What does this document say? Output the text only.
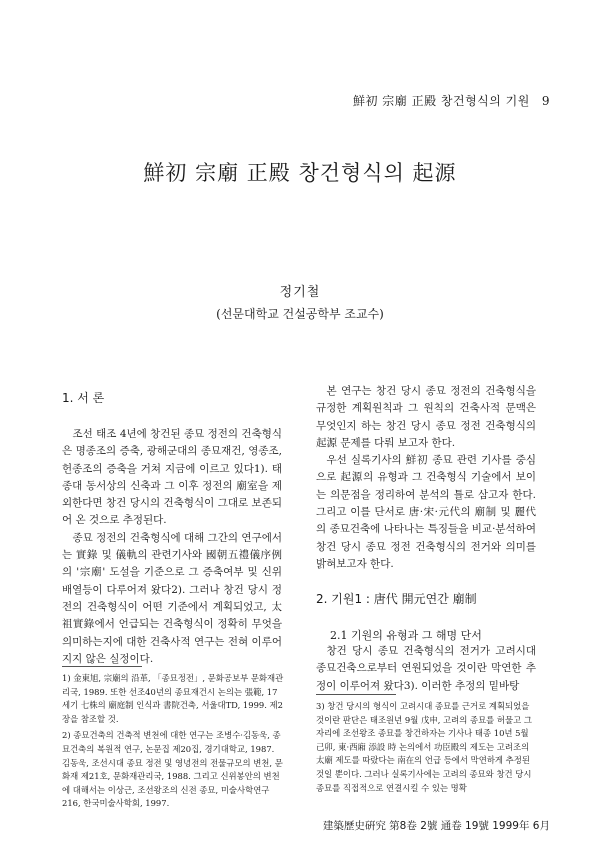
鮮初 宗廟 正殿 창건형식의 기원 9
鮮初 宗廟 正殿 창건형식의 起源
정기철
(선문대학교 건설공학부 조교수)
1. 서 론

조선 태조 4년에 창건된 종묘 정전의 건축형식은 명종조의 증축, 광해군대의 종묘재건, 영종조, 헌종조의 증축을 거쳐 지금에 이르고 있다1). 태종대 동서상의 신축과 그 이후 정전의 廟室을 제외한다면 창건 당시의 건축형식이 그대로 보존되어 온 것으로 추정된다.

종묘 정전의 건축형식에 대해 그간의 연구에서는 實錄 및 儀軌의 관련기사와 國朝五禮儀序例의 '宗廟' 도설을 기준으로 그 증축여부 및 신위배열등이 다루어져 왔다2). 그러나 창건 당시 정전의 건축형식이 어떤 기준에서 계획되었고, 太祖實錄에서 언급되는 건축형식이 정확히 무엇을 의미하는지에 대한 건축사적 연구는 전혀 이루어지지 않은 실정이다.

1) 金東旭, 宗廟의 沿革, 「종묘정전」, 문화공보부 문화재관리국, 1989. 또한 선조40년의 종묘재건시 논의는 張範, 17세기 七株의 廟庭制 인식과 書院건축, 서울대TD, 1999. 제2장을 참조할 것.

2) 종묘건축의 건축적 변천에 대한 연구는 조병수·김동욱, 종묘건축의 복원적 연구, 논문집 제20집, 경기대학교, 1987. 김동욱, 조선시대 종묘 정전 및 영녕전의 전물규모의 변천, 문화재 제21호, 문화재관리국, 1988. 그리고 신위봉안의 변천에 대해서는 이상근, 조선왕조의 신전 종묘, 미술사학연구 216, 한국미술사학회, 1997.

본 연구는 창건 당시 종묘 정전의 건축형식을 규정한 계획원칙과 그 원칙의 건축사적 문맥은 무엇인지 하는 창건 당시 종묘 정전 건축형식의 起源 문제를 다뤄 보고자 한다.

우선 실록기사의 鮮初 종묘 관련 기사를 중심으로 起源의 유형과 그 건축형식 기술에서 보이는 의문점을 정리하여 분석의 틀로 삼고자 한다. 그리고 이를 단서로 唐·宋·元代의 廟制 및 麗代의 종묘건축에 나타나는 특징들을 비교·분석하여 창건 당시 종묘 정전 건축형식의 전거와 의미를 밝혀보고자 한다.

2. 기원1 : 唐代 開元연간 廟制
2.1 기원의 유형과 그 해명 단서

창건 당시 종묘 건축형식의 전거가 고려시대 종묘건축으로부터 연원되었을 것이란 막연한 추정이 이루어져 왔다3). 이러한 추정의 밑바탕

3) 창건 당시의 형식이 고려시대 종묘를 근거로 계획되었을 것이란 판단은 태조원년 9월 戊申, 고려의 종묘를 허물고 그 자리에 조선왕조 종묘를 창건하자는 기사나 태종 10년 5월 己卯, 東·西廂 添設 時 논의에서 功臣殿의 제도는 고려조의 太廟 제도를 따랐다는 南在의 언급 등에서 막연하게 추정된 것일 뿐이다. 그러나 실록기사에는 고려의 종묘와 창건 당시 종묘를 직접적으로 연결시킬 수 있는 명확

建築歷史硏究 第8卷 2號 通卷 19號 1999年 6月
